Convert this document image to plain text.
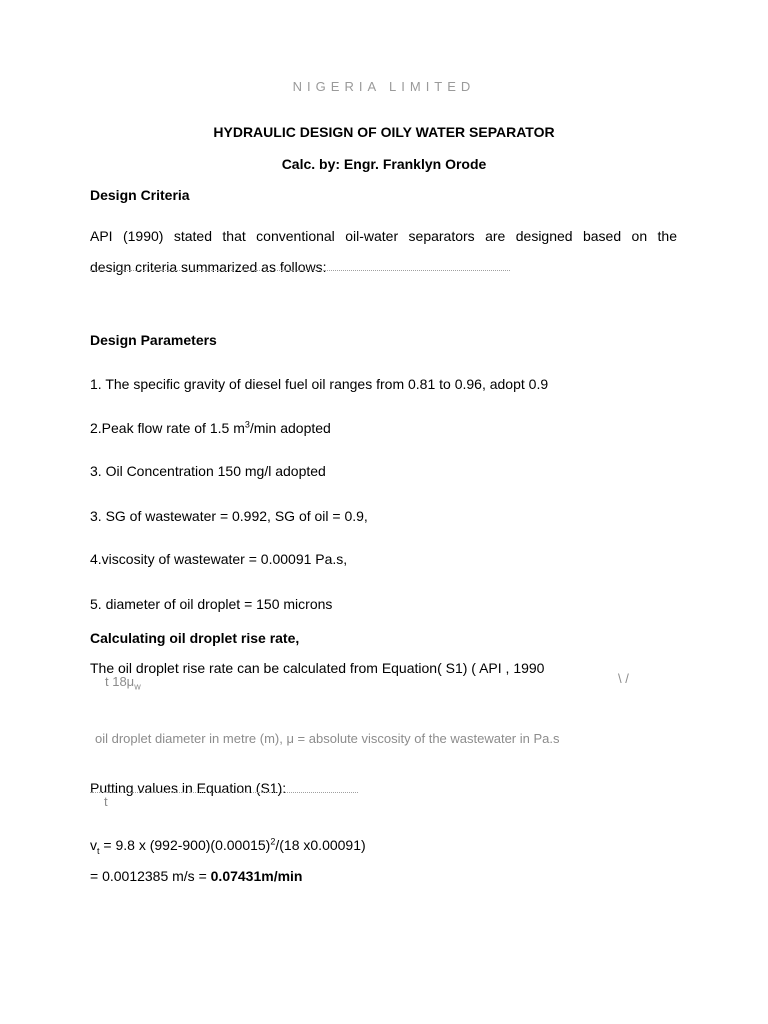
NIGERIA LIMITED
HYDRAULIC DESIGN OF OILY WATER SEPARATOR
Calc. by: Engr. Franklyn Orode
Design Criteria
API (1990) stated that conventional oil-water separators are designed based on the
design criteria summarized as follows:
Design Parameters
1. The specific gravity of diesel fuel oil ranges from 0.81 to 0.96, adopt 0.9
2.Peak flow rate of 1.5 $m^3/\min$ adopted
3. Oil Concentration 150 mg/l adopted
3. SG of wastewater = 0.992, SG of oil = 0.9,
4.viscosity of wastewater = 0.00091 Pa.s,
5. diameter of oil droplet = 150 microns
Calculating oil droplet rise rate,
The oil droplet rise rate can be calculated from Equation( S1) ( API , 1990
t $18\mu_w$
\ /
oil droplet diameter in metre (m), μ = absolute viscosity of the wastewater in Pa.s
Putting values in Equation (S1):
t
$v_t = 9.8$ x $(992-900)(0.00015)^2/(18$ x0.00091)
= 0.0012385 m/s = 0.07431m/min
